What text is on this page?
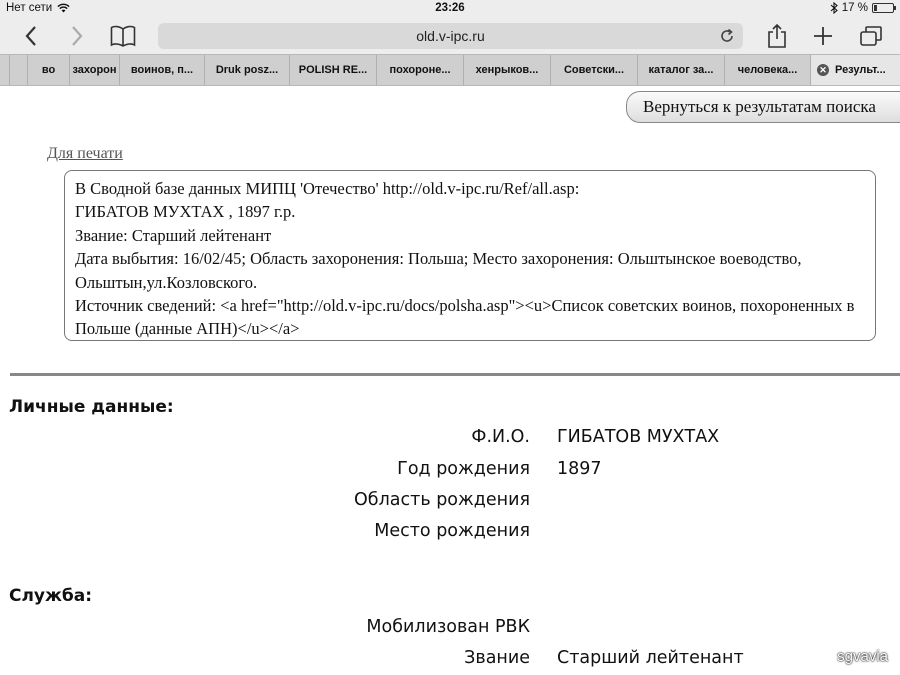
Нет сети	23:26	17 %
old.v-ipc.ru
во	захорон	воинов, п...	Druk posz...	POLISH RE...	похороне...	хенрыков...	Советски...	каталог за...	человека...	✕ Результ...
Вернуться к результатам поиска
Для печати

В Сводной базе данных МИПЦ 'Отечество' http://old.v-ipc.ru/Ref/all.asp:

ГИБАТОВ МУХТАХ , 1897 г.р.

Звание: Старший лейтенант

Дата выбытия: 16/02/45; Область захоронения: Польша; Место захоронения: Ольштынское воеводство, Ольштын,ул.Козловского.

Источник сведений: <a href="http://old.v-ipc.ru/docs/polsha.asp"><u>Список советских воинов, похороненных в Польше (данные АПН)</u></a>

Личные данные:
Ф.И.О. ГИБАТОВ МУХТАХ
Год рождения 1897
Область рождения
Место рождения
Служба:
Мобилизован РВК
Звание Старший лейтенант	sgvavia
